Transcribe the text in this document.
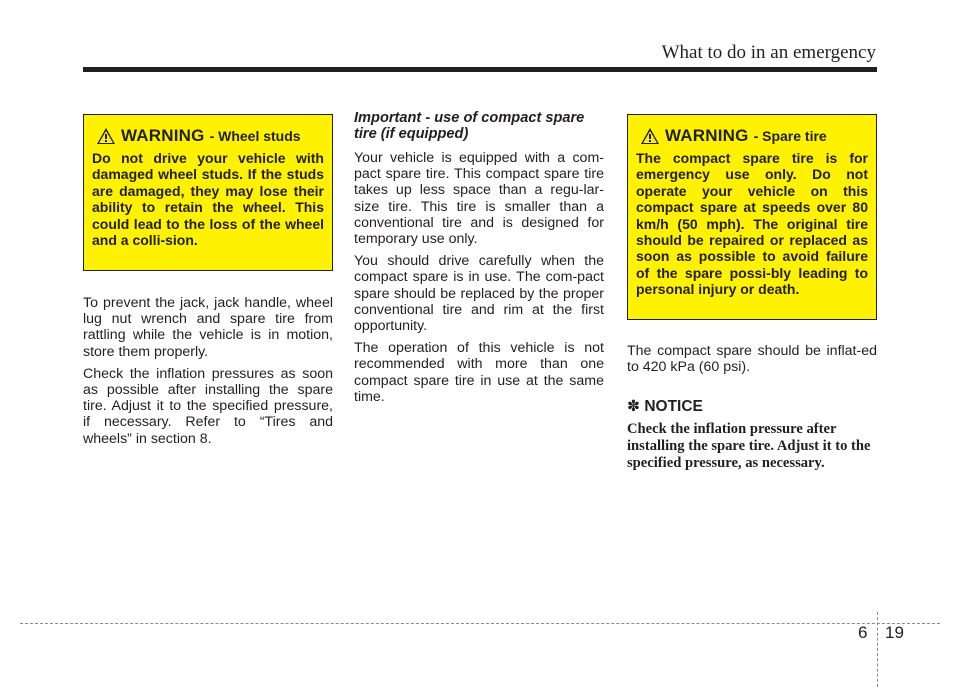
What to do in an emergency
WARNING - Wheel studs
Do not drive your vehicle with damaged wheel studs. If the studs are damaged, they may lose their ability to retain the wheel. This could lead to the loss of the wheel and a colli-sion.

To prevent the jack, jack handle, wheel lug nut wrench and spare tire from rattling while the vehicle is in motion, store them properly.

Check the inflation pressures as soon as possible after installing the spare tire. Adjust it to the specified pressure, if necessary. Refer to “Tires and wheels” in section 8.

Important - use of compact spare tire (if equipped)

Your vehicle is equipped with a com-pact spare tire. This compact spare tire takes up less space than a regu-lar-size tire. This tire is smaller than a conventional tire and is designed for temporary use only.

You should drive carefully when the compact spare is in use. The com-pact spare should be replaced by the proper conventional tire and rim at the first opportunity.

The operation of this vehicle is not recommended with more than one compact spare tire in use at the same time.

WARNING - Spare tire
The compact spare tire is for emergency use only. Do not operate your vehicle on this compact spare at speeds over 80 km/h (50 mph). The original tire should be repaired or replaced as soon as possible to avoid failure of the spare possi-bly leading to personal injury or death.

The compact spare should be inflat-ed to 420 kPa (60 psi).

✽ NOTICE
Check the inflation pressure after installing the spare tire. Adjust it to the specified pressure, as necessary.
6 19
